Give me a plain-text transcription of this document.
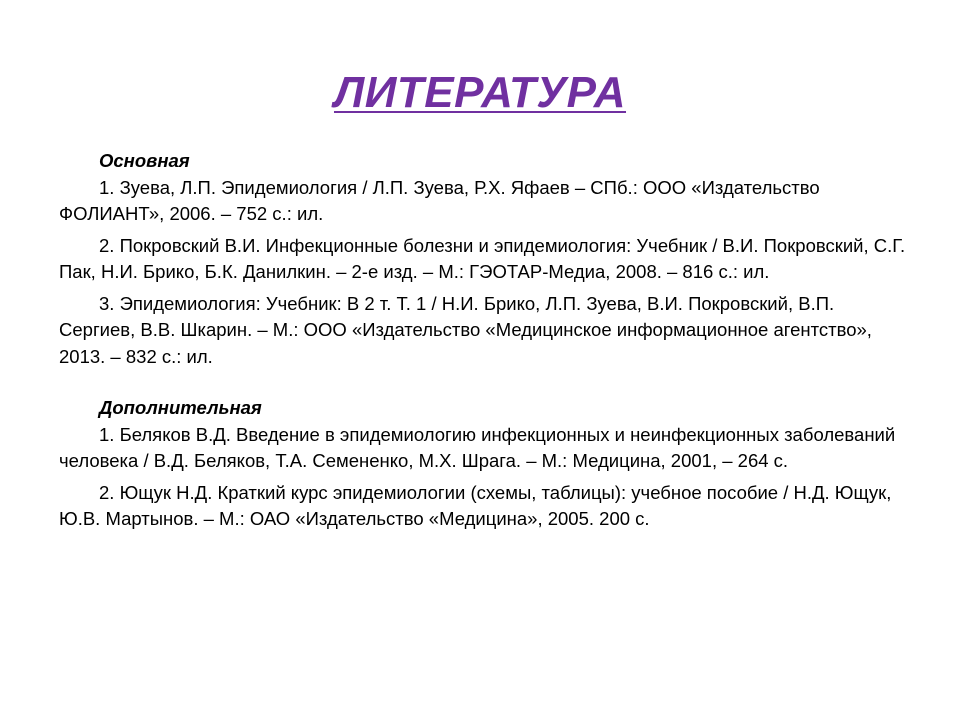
ЛИТЕРАТУРА

Основная

1. Зуева, Л.П. Эпидемиология / Л.П. Зуева, Р.Х. Яфаев – СПб.: ООО «Издательство ФОЛИАНТ», 2006. – 752 с.: ил.

2. Покровский В.И. Инфекционные болезни и эпидемиология: Учебник / В.И. Покровский, С.Г. Пак, Н.И. Брико, Б.К. Данилкин. – 2-е изд. – М.: ГЭОТАР-Медиа, 2008. – 816 с.: ил.

3. Эпидемиология: Учебник: В 2 т. Т. 1 / Н.И. Брико, Л.П. Зуева, В.И. Покровский, В.П. Сергиев, В.В. Шкарин. – М.: ООО «Издательство «Медицинское информационное агентство», 2013. – 832 с.: ил.

Дополнительная

1. Беляков В.Д. Введение в эпидемиологию инфекционных и неинфекционных заболеваний человека / В.Д. Беляков, Т.А. Семененко, М.Х. Шрага. – М.: Медицина, 2001, – 264 с.

2. Ющук Н.Д. Краткий курс эпидемиологии (схемы, таблицы): учебное пособие / Н.Д. Ющук, Ю.В. Мартынов. – М.: ОАО «Издательство «Медицина», 2005. 200 с.
